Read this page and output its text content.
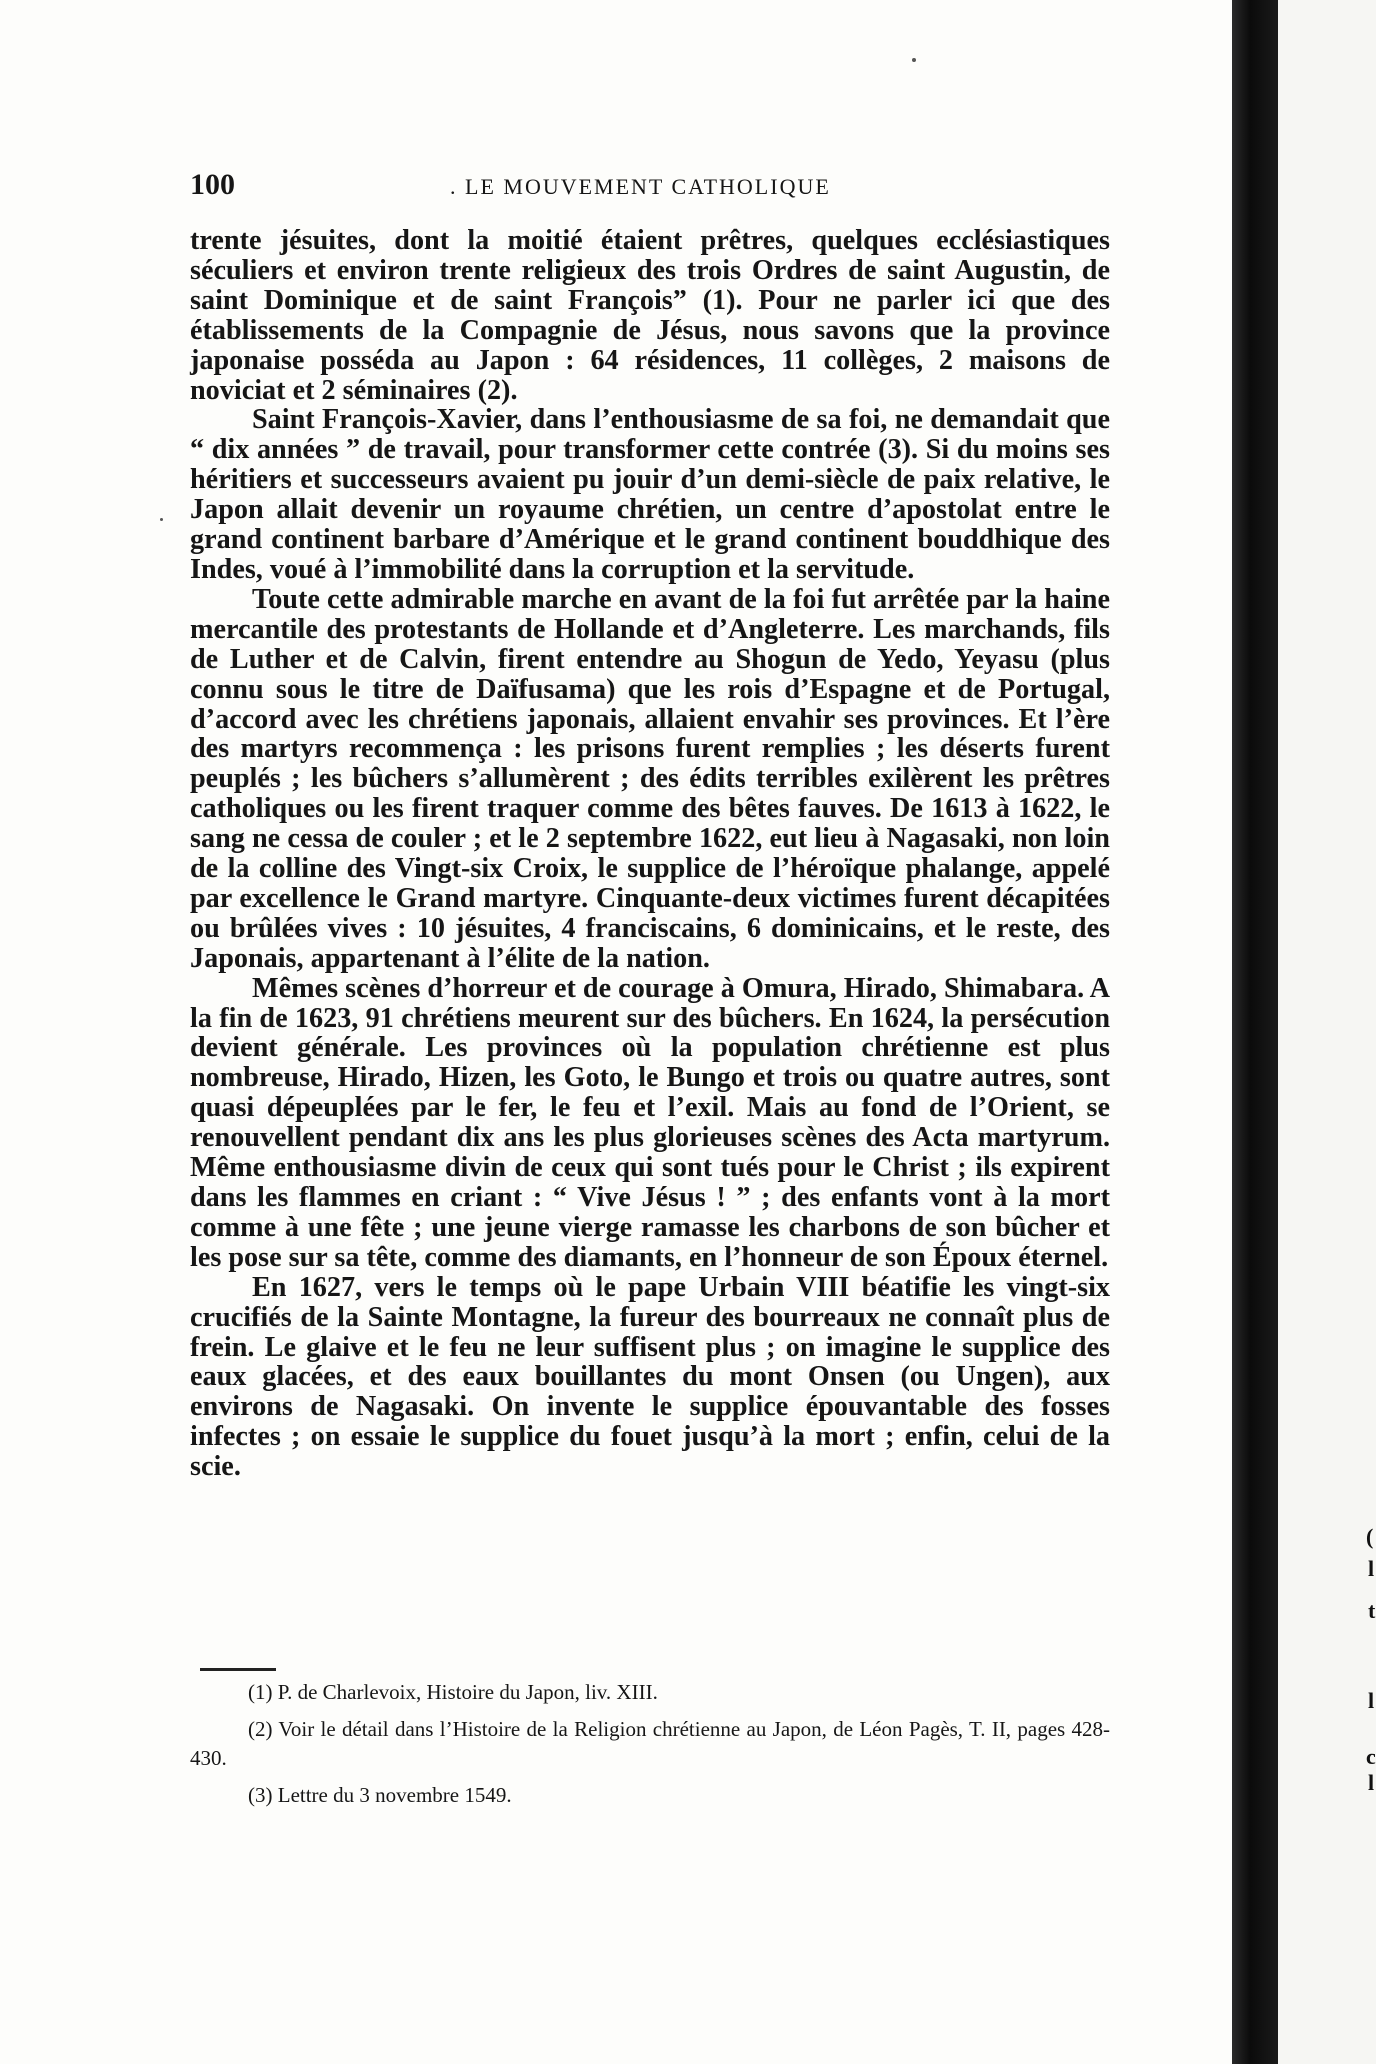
100	. LE MOUVEMENT CATHOLIQUE

trente jésuites, dont la moitié étaient prêtres, quelques ecclésiastiques séculiers et environ trente religieux des trois Ordres de saint Augustin, de saint Dominique et de saint François” (1). Pour ne parler ici que des établissements de la Compagnie de Jésus, nous savons que la province japonaise posséda au Japon : 64 résidences, 11 collèges, 2 maisons de noviciat et 2 séminaires (2).

Saint François-Xavier, dans l’enthousiasme de sa foi, ne demandait que “ dix années ” de travail, pour transformer cette contrée (3). Si du moins ses héritiers et successeurs avaient pu jouir d’un demi-siècle de paix relative, le Japon allait devenir un royaume chrétien, un centre d’apostolat entre le grand continent barbare d’Amérique et le grand continent bouddhique des Indes, voué à l’immobilité dans la corruption et la servitude.

Toute cette admirable marche en avant de la foi fut arrêtée par la haine mercantile des protestants de Hollande et d’Angleterre. Les marchands, fils de Luther et de Calvin, firent entendre au Shogun de Yedo, Yeyasu (plus connu sous le titre de Daïfusama) que les rois d’Espagne et de Portugal, d’accord avec les chrétiens japonais, allaient envahir ses provinces. Et l’ère des martyrs recommença : les prisons furent remplies ; les déserts furent peuplés ; les bûchers s’allumèrent ; des édits terribles exilèrent les prêtres catholiques ou les firent traquer comme des bêtes fauves. De 1613 à 1622, le sang ne cessa de couler ; et le 2 septembre 1622, eut lieu à Nagasaki, non loin de la colline des Vingt-six Croix, le supplice de l’héroïque phalange, appelé par excellence le Grand martyre. Cinquante-deux victimes furent décapitées ou brûlées vives : 10 jésuites, 4 franciscains, 6 dominicains, et le reste, des Japonais, appartenant à l’élite de la nation.

Mêmes scènes d’horreur et de courage à Omura, Hirado, Shimabara. A la fin de 1623, 91 chrétiens meurent sur des bûchers. En 1624, la persécution devient générale. Les provinces où la population chrétienne est plus nombreuse, Hirado, Hizen, les Goto, le Bungo et trois ou quatre autres, sont quasi dépeuplées par le fer, le feu et l’exil. Mais au fond de l’Orient, se renouvellent pendant dix ans les plus glorieuses scènes des Acta martyrum. Même enthousiasme divin de ceux qui sont tués pour le Christ ; ils expirent dans les flammes en criant : “ Vive Jésus ! ” ; des enfants vont à la mort comme à une fête ; une jeune vierge ramasse les charbons de son bûcher et les pose sur sa tête, comme des diamants, en l’honneur de son Époux éternel.

En 1627, vers le temps où le pape Urbain VIII béatifie les vingt-six crucifiés de la Sainte Montagne, la fureur des bourreaux ne connaît plus de frein. Le glaive et le feu ne leur suffisent plus ; on imagine le supplice des eaux glacées, et des eaux bouillantes du mont Onsen (ou Ungen), aux environs de Nagasaki. On invente le supplice épouvantable des fosses infectes ; on essaie le supplice du fouet jusqu’à la mort ; enfin, celui de la scie.

(1) P. de Charlevoix, Histoire du Japon, liv. XIII.

(2) Voir le détail dans l’Histoire de la Religion chrétienne au Japon, de Léon Pagès, T. II, pages 428-430.

(3) Lettre du 3 novembre 1549.

(
l
t
l
c
l
